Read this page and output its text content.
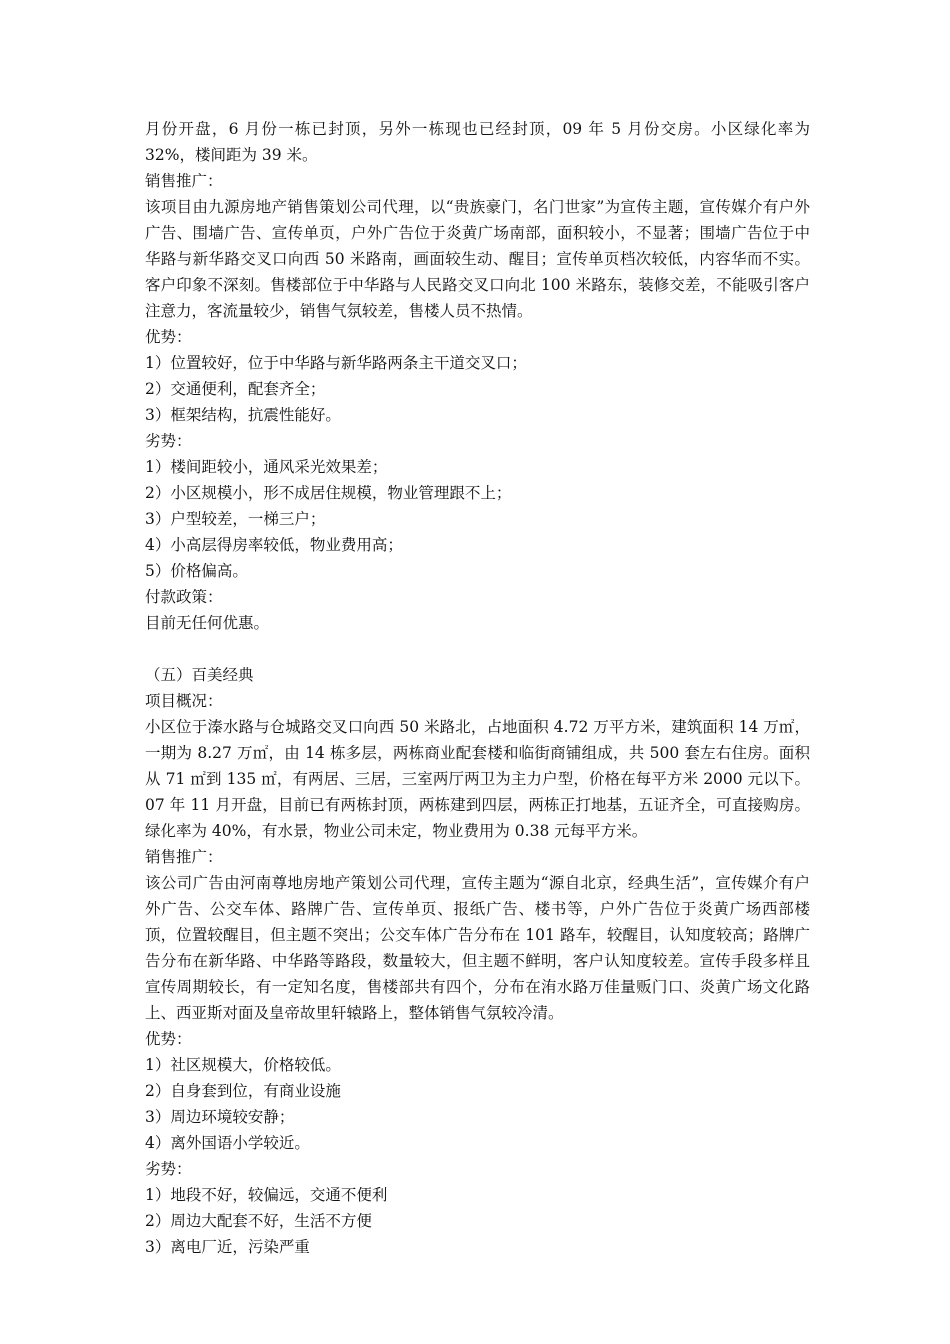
月份开盘，6 月份一栋已封顶，另外一栋现也已经封顶，09 年 5 月份交房。小区绿化率为 32%，楼间距为 39 米。

销售推广：

该项目由九源房地产销售策划公司代理，以“贵族豪门，名门世家”为宣传主题，宣传媒介有户外广告、围墙广告、宣传单页，户外广告位于炎黄广场南部，面积较小，不显著；围墙广告位于中华路与新华路交叉口向西 50 米路南，画面较生动、醒目；宣传单页档次较低，内容华而不实。客户印象不深刻。售楼部位于中华路与人民路交叉口向北 100 米路东，装修交差，不能吸引客户注意力，客流量较少，销售气氛较差，售楼人员不热情。

优势：

1）位置较好，位于中华路与新华路两条主干道交叉口；

2）交通便利，配套齐全；

3）框架结构，抗震性能好。

劣势：

1）楼间距较小，通风采光效果差；

2）小区规模小，形不成居住规模，物业管理跟不上；

3）户型较差，一梯三户；

4）小高层得房率较低，物业费用高；

5）价格偏高。

付款政策：

目前无任何优惠。

（五）百美经典

项目概况：

小区位于溱水路与仓城路交叉口向西 50 米路北，占地面积 4.72 万平方米，建筑面积 14 万㎡，一期为 8.27 万㎡，由 14 栋多层，两栋商业配套楼和临街商铺组成，共 500 套左右住房。面积从 71 ㎡到 135 ㎡，有两居、三居，三室两厅两卫为主力户型，价格在每平方米 2000 元以下。07 年 11 月开盘，目前已有两栋封顶，两栋建到四层，两栋正打地基，五证齐全，可直接购房。绿化率为 40%，有水景，物业公司未定，物业费用为 0.38 元每平方米。

销售推广：

该公司广告由河南尊地房地产策划公司代理，宣传主题为“源自北京，经典生活”，宣传媒介有户外广告、公交车体、路牌广告、宣传单页、报纸广告、楼书等，户外广告位于炎黄广场西部楼顶，位置较醒目，但主题不突出；公交车体广告分布在 101 路车，较醒目，认知度较高；路牌广告分布在新华路、中华路等路段，数量较大，但主题不鲜明，客户认知度较差。宣传手段多样且宣传周期较长，有一定知名度，售楼部共有四个，分布在洧水路万佳量贩门口、炎黄广场文化路上、西亚斯对面及皇帝故里轩辕路上，整体销售气氛较冷清。

优势：

1）社区规模大，价格较低。

2）自身套到位，有商业设施

3）周边环境较安静；

4）离外国语小学较近。

劣势：

1）地段不好，较偏远，交通不便利

2）周边大配套不好，生活不方便

3）离电厂近，污染严重
